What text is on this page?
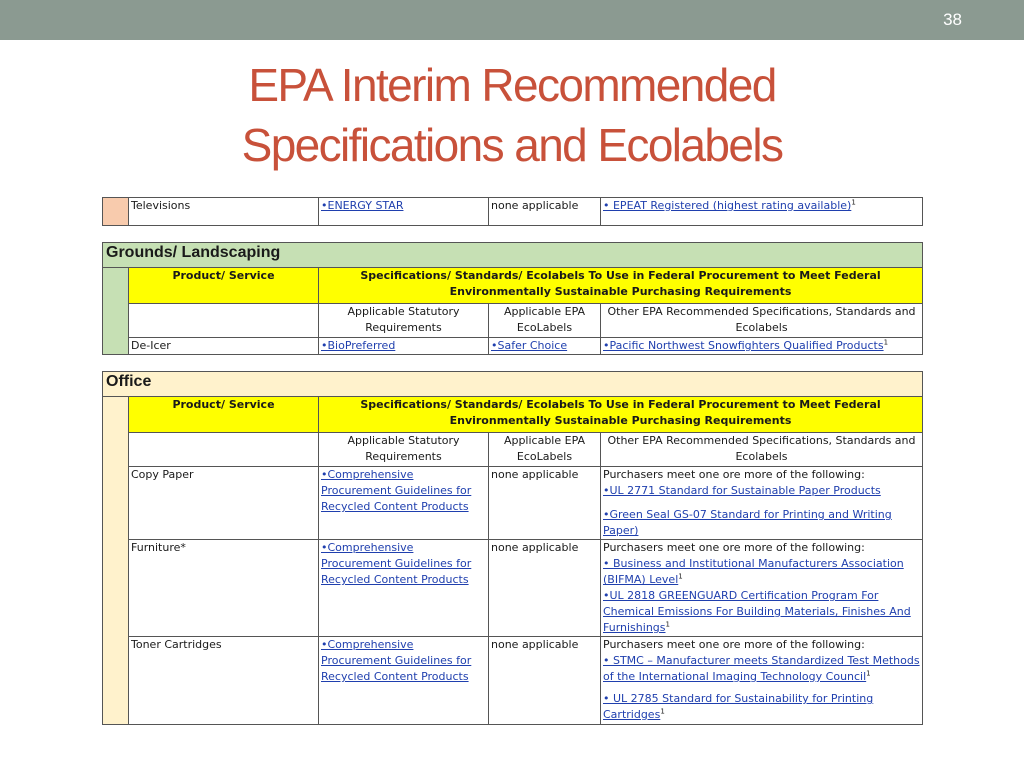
38
EPA Interim Recommended
Specifications and Ecolabels
	Televisions	•ENERGY STAR	none applicable	• EPEAT Registered (highest rating available)$^1$
Grounds/ Landscaping				
	Product/ Service	Specifications/ Standards/ Ecolabels To Use in Federal Procurement to Meet Federal Environmentally Sustainable Purchasing Requirements		
		Applicable Statutory Requirements	Applicable EPA EcoLabels	Other EPA Recommended Specifications, Standards and Ecolabels
	De-Icer	•BioPreferred	•Safer Choice	•Pacific Northwest Snowfighters Qualified Products$^1$
Office				
	Product/ Service	Specifications/ Standards/ Ecolabels To Use in Federal Procurement to Meet Federal Environmentally Sustainable Purchasing Requirements		
		Applicable Statutory Requirements	Applicable EPA EcoLabels	Other EPA Recommended Specifications, Standards and Ecolabels
	Copy Paper	•Comprehensive Procurement Guidelines for Recycled Content Products	none applicable	Purchasers meet one ore more of the following:

•UL 2771 Standard for Sustainable Paper Products

•Green Seal GS-07 Standard for Printing and Writing Paper)

	Furniture*	•Comprehensive Procurement Guidelines for Recycled Content Products	none applicable	Purchasers meet one ore more of the following:

• Business and Institutional Manufacturers Association (BIFMA) Level$^1$

•UL 2818 GREENGUARD Certification Program For Chemical Emissions For Building Materials, Finishes And Furnishings$^1$

	Toner Cartridges	•Comprehensive Procurement Guidelines for Recycled Content Products	none applicable	Purchasers meet one ore more of the following:

• STMC – Manufacturer meets Standardized Test Methods of the International Imaging Technology Council$^1$

• UL 2785 Standard for Sustainability for Printing Cartridges$^1$
